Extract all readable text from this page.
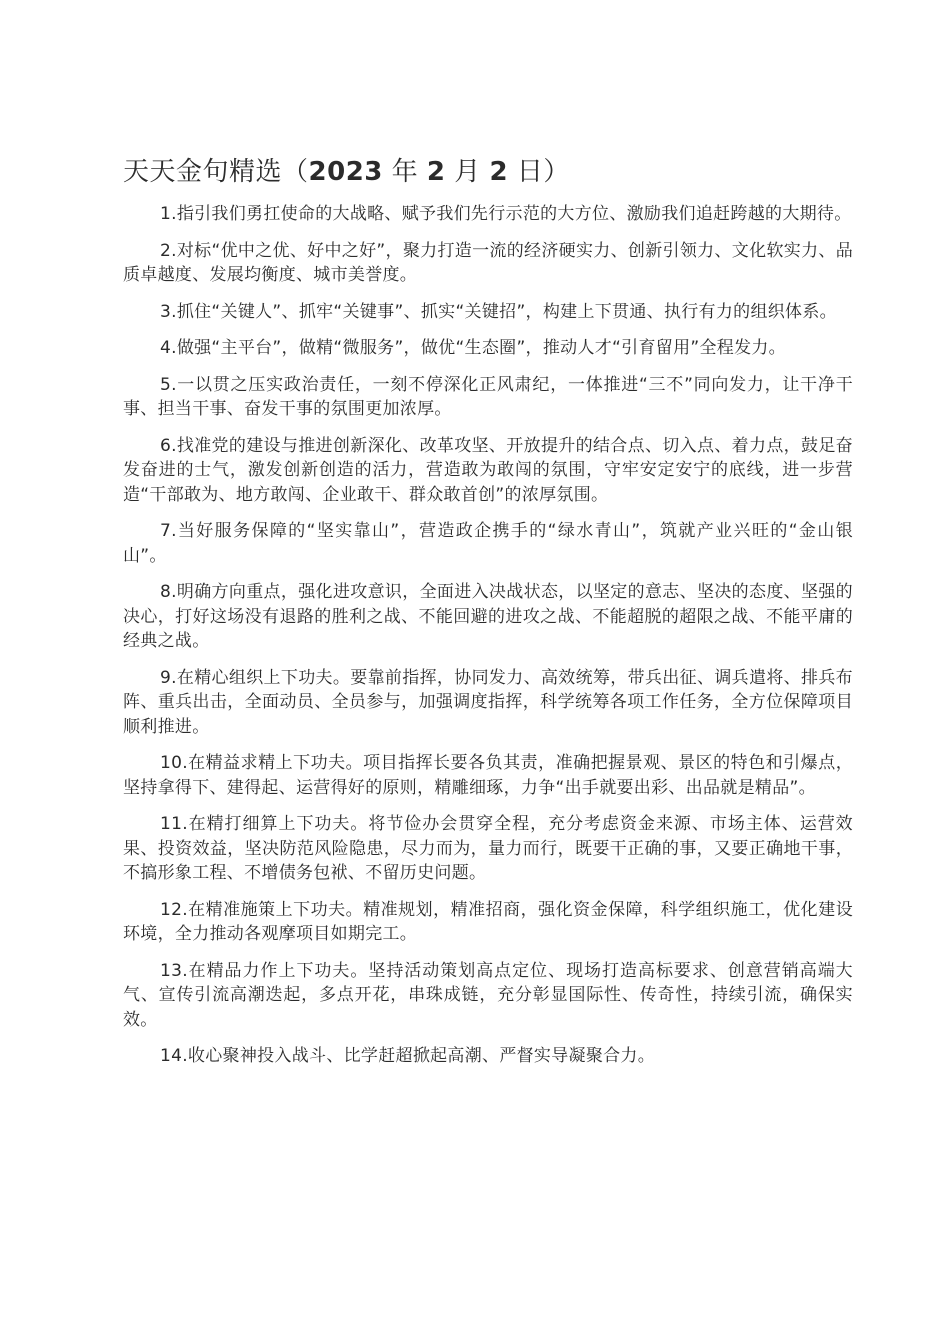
天天金句精选（2023 年 2 月 2 日）

1.指引我们勇扛使命的大战略、赋予我们先行示范的大方位、激励我们追赶跨越的大期待。

2.对标“优中之优、好中之好”，聚力打造一流的经济硬实力、创新引领力、文化软实力、品质卓越度、发展均衡度、城市美誉度。

3.抓住“关键人”、抓牢“关键事”、抓实“关键招”，构建上下贯通、执行有力的组织体系。

4.做强“主平台”，做精“微服务”，做优“生态圈”，推动人才“引育留用”全程发力。

5.一以贯之压实政治责任，一刻不停深化正风肃纪，一体推进“三不”同向发力，让干净干事、担当干事、奋发干事的氛围更加浓厚。

6.找准党的建设与推进创新深化、改革攻坚、开放提升的结合点、切入点、着力点，鼓足奋发奋进的士气，激发创新创造的活力，营造敢为敢闯的氛围，守牢安定安宁的底线，进一步营造“干部敢为、地方敢闯、企业敢干、群众敢首创”的浓厚氛围。

7.当好服务保障的“坚实靠山”，营造政企携手的“绿水青山”，筑就产业兴旺的“金山银山”。

8.明确方向重点，强化进攻意识，全面进入决战状态，以坚定的意志、坚决的态度、坚强的决心，打好这场没有退路的胜利之战、不能回避的进攻之战、不能超脱的超限之战、不能平庸的经典之战。

9.在精心组织上下功夫。要靠前指挥，协同发力、高效统筹，带兵出征、调兵遣将、排兵布阵、重兵出击，全面动员、全员参与，加强调度指挥，科学统筹各项工作任务，全方位保障项目顺利推进。

10.在精益求精上下功夫。项目指挥长要各负其责，准确把握景观、景区的特色和引爆点，坚持拿得下、建得起、运营得好的原则，精雕细琢，力争“出手就要出彩、出品就是精品”。

11.在精打细算上下功夫。将节俭办会贯穿全程，充分考虑资金来源、市场主体、运营效果、投资效益，坚决防范风险隐患，尽力而为，量力而行，既要干正确的事，又要正确地干事，不搞形象工程、不增债务包袱、不留历史问题。

12.在精准施策上下功夫。精准规划，精准招商，强化资金保障，科学组织施工，优化建设环境，全力推动各观摩项目如期完工。

13.在精品力作上下功夫。坚持活动策划高点定位、现场打造高标要求、创意营销高端大气、宣传引流高潮迭起，多点开花，串珠成链，充分彰显国际性、传奇性，持续引流，确保实效。

14.收心聚神投入战斗、比学赶超掀起高潮、严督实导凝聚合力。
